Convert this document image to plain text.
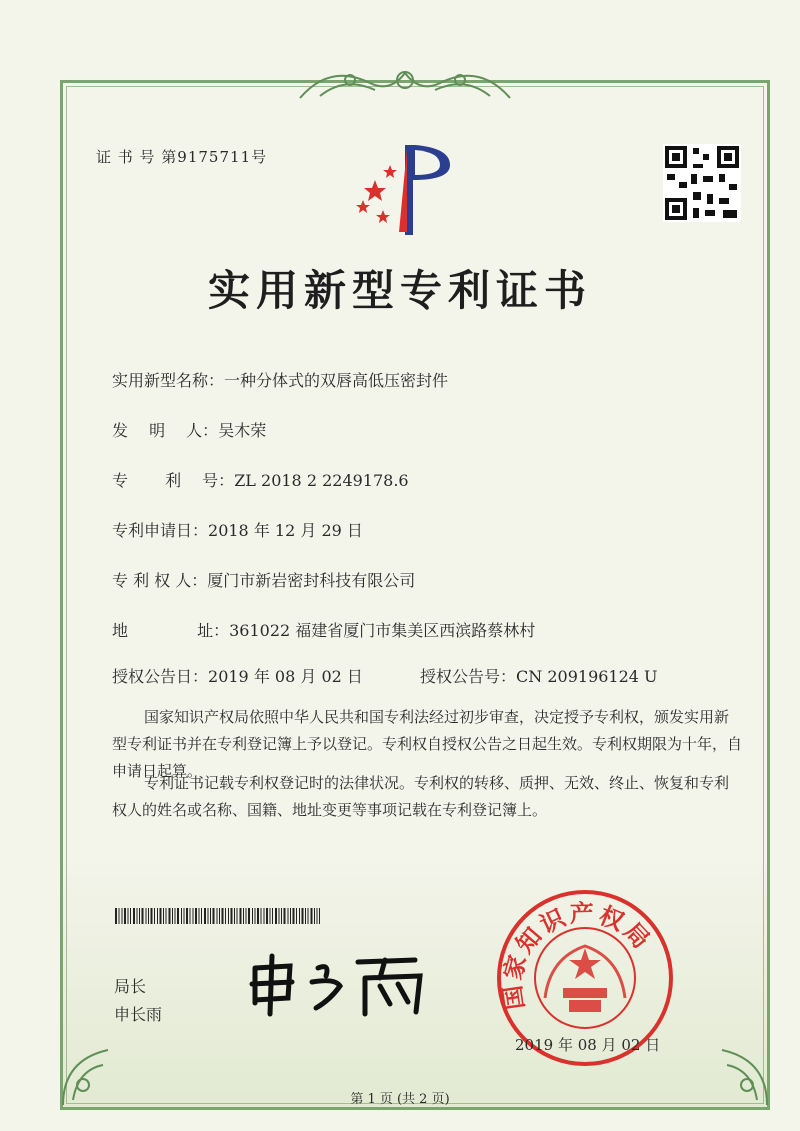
证 书 号 第9175711号
实用新型专利证书
实用新型名称：一种分体式的双唇高低压密封件
发　 明　 人：吴木荣
专　　 利　 号：ZL 2018 2 2249178.6
专利申请日：2018 年 12 月 29 日
专 利 权 人：厦门市新岩密封科技有限公司
地　　　　 址：361022 福建省厦门市集美区西滨路蔡林村
授权公告日：2019 年 08 月 02 日	授权公告号：CN 209196124 U
国家知识产权局依照中华人民共和国专利法经过初步审查，决定授予专利权，颁发实用新型专利证书并在专利登记簿上予以登记。专利权自授权公告之日起生效。专利权期限为十年，自申请日起算。
专利证书记载专利权登记时的法律状况。专利权的转移、质押、无效、终止、恢复和专利权人的姓名或名称、国籍、地址变更等事项记载在专利登记簿上。
局长
申长雨
国家知识产权局
2019 年 08 月 02 日
第 1 页 (共 2 页)
